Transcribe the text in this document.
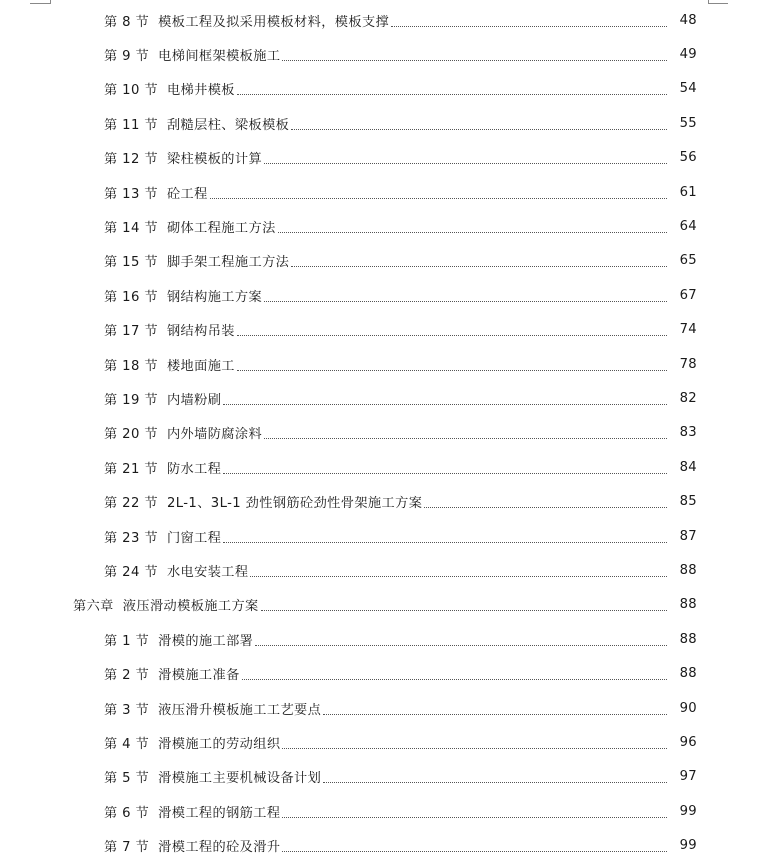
第 8 节 模板工程及拟采用模板材料，模板支撑	48
第 9 节 电梯间框架模板施工	49
第 10 节 电梯井模板	54
第 11 节 刮糙层柱、梁板模板	55
第 12 节 梁柱模板的计算	56
第 13 节 砼工程	61
第 14 节 砌体工程施工方法	64
第 15 节 脚手架工程施工方法	65
第 16 节 钢结构施工方案	67
第 17 节 钢结构吊装	74
第 18 节 楼地面施工	78
第 19 节 内墙粉刷	82
第 20 节 内外墙防腐涂料	83
第 21 节 防水工程	84
第 22 节 2L-1、3L-1 劲性钢筋砼劲性骨架施工方案	85
第 23 节 门窗工程	87
第 24 节 水电安装工程	88
第六章 液压滑动模板施工方案	88
第 1 节 滑模的施工部署	88
第 2 节 滑模施工准备	88
第 3 节 液压滑升模板施工工艺要点	90
第 4 节 滑模施工的劳动组织	96
第 5 节 滑模施工主要机械设备计划	97
第 6 节 滑模工程的钢筋工程	99
第 7 节 滑模工程的砼及滑升	99
